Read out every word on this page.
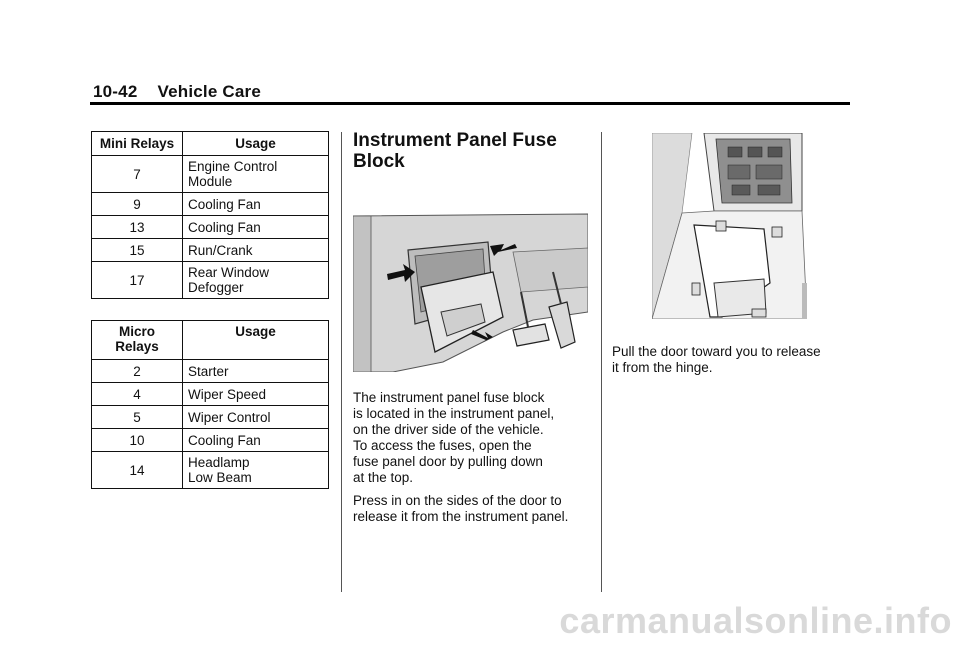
10-42 Vehicle Care
Mini Relays	Usage
7	Engine Control
Module

9	Cooling Fan
13	Cooling Fan
15	Run/Crank
17	Rear Window
Defogger
Micro
Relays	Usage
2	Starter
4	Wiper Speed
5	Wiper Control
10	Cooling Fan
14	Headlamp
Low Beam
Instrument Panel Fuse
Block
The instrument panel fuse block
is located in the instrument panel,
on the driver side of the vehicle.
To access the fuses, open the
fuse panel door by pulling down
at the top.
Press in on the sides of the door to
release it from the instrument panel.
Pull the door toward you to release
it from the hinge.
carmanualsonline.info
